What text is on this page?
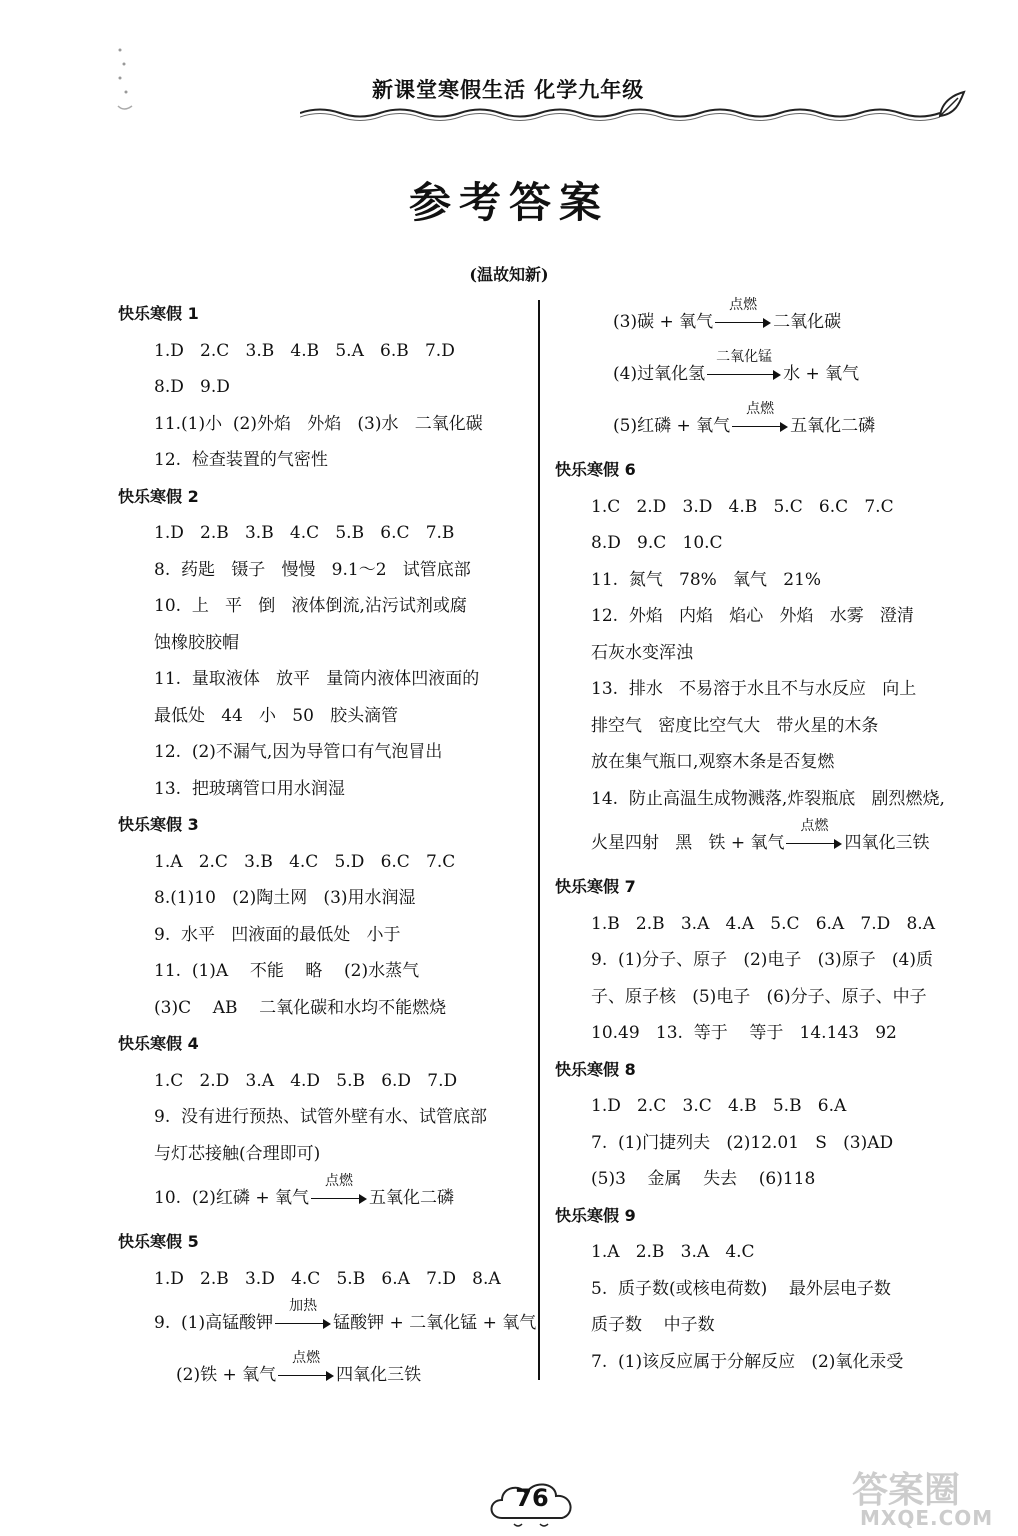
新课堂寒假生活 化学九年级
参考答案
(温故知新)
快乐寒假 1
1.D   2.C   3.B   4.B   5.A   6.B   7.D
8.D   9.D
11.(1)小  (2)外焰   外焰   (3)水   二氧化碳
12.  检查装置的气密性
快乐寒假 2
1.D   2.B   3.B   4.C   5.B   6.C   7.B
8.  药匙   镊子   慢慢   9.1～2   试管底部
10.  上   平   倒   液体倒流,沾污试剂或腐
蚀橡胶胶帽
11.  量取液体   放平   量筒内液体凹液面的
最低处   44   小   50   胶头滴管
12.  (2)不漏气,因为导管口有气泡冒出
13.  把玻璃管口用水润湿
快乐寒假 3
1.A   2.C   3.B   4.C   5.D   6.C   7.C
8.(1)10   (2)陶土网   (3)用水润湿
9.  水平   凹液面的最低处   小于
11.  (1)A    不能    略    (2)水蒸气
(3)C    AB    二氧化碳和水均不能燃烧
快乐寒假 4
1.C   2.D   3.A   4.D   5.B   6.D   7.D
9.  没有进行预热、试管外壁有水、试管底部
与灯芯接触(合理即可)
10.  (2)红磷 + 氧气
点燃
五氧化二磷
快乐寒假 5
1.D   2.B   3.D   4.C   5.B   6.A   7.D   8.A
9.  (1)高锰酸钾
加热
锰酸钾 + 二氧化锰 + 氧气
(2)铁 + 氧气
点燃
四氧化三铁
(3)碳 + 氧气
点燃
二氧化碳
(4)过氧化氢
二氧化锰
水 + 氧气
(5)红磷 + 氧气
点燃
五氧化二磷
快乐寒假 6
1.C   2.D   3.D   4.B   5.C   6.C   7.C
8.D   9.C   10.C
11.  氮气   78%   氧气   21%
12.  外焰   内焰   焰心   外焰   水雾   澄清
石灰水变浑浊
13.  排水   不易溶于水且不与水反应   向上
排空气   密度比空气大   带火星的木条
放在集气瓶口,观察木条是否复燃
14.  防止高温生成物溅落,炸裂瓶底   剧烈燃烧,
火星四射   黑   铁 + 氧气
点燃
四氧化三铁
快乐寒假 7
1.B   2.B   3.A   4.A   5.C   6.A   7.D   8.A
9.  (1)分子、原子   (2)电子   (3)原子   (4)质
子、原子核   (5)电子   (6)分子、原子、中子
10.49   13.  等于    等于   14.143   92
快乐寒假 8
1.D   2.C   3.C   4.B   5.B   6.A
7.  (1)门捷列夫   (2)12.01   S   (3)AD
(5)3    金属    失去    (6)118
快乐寒假 9
1.A   2.B   3.A   4.C
5.  质子数(或核电荷数)    最外层电子数
质子数    中子数
7.  (1)该反应属于分解反应   (2)氧化汞受
76	答案圈
MXQE.COM
